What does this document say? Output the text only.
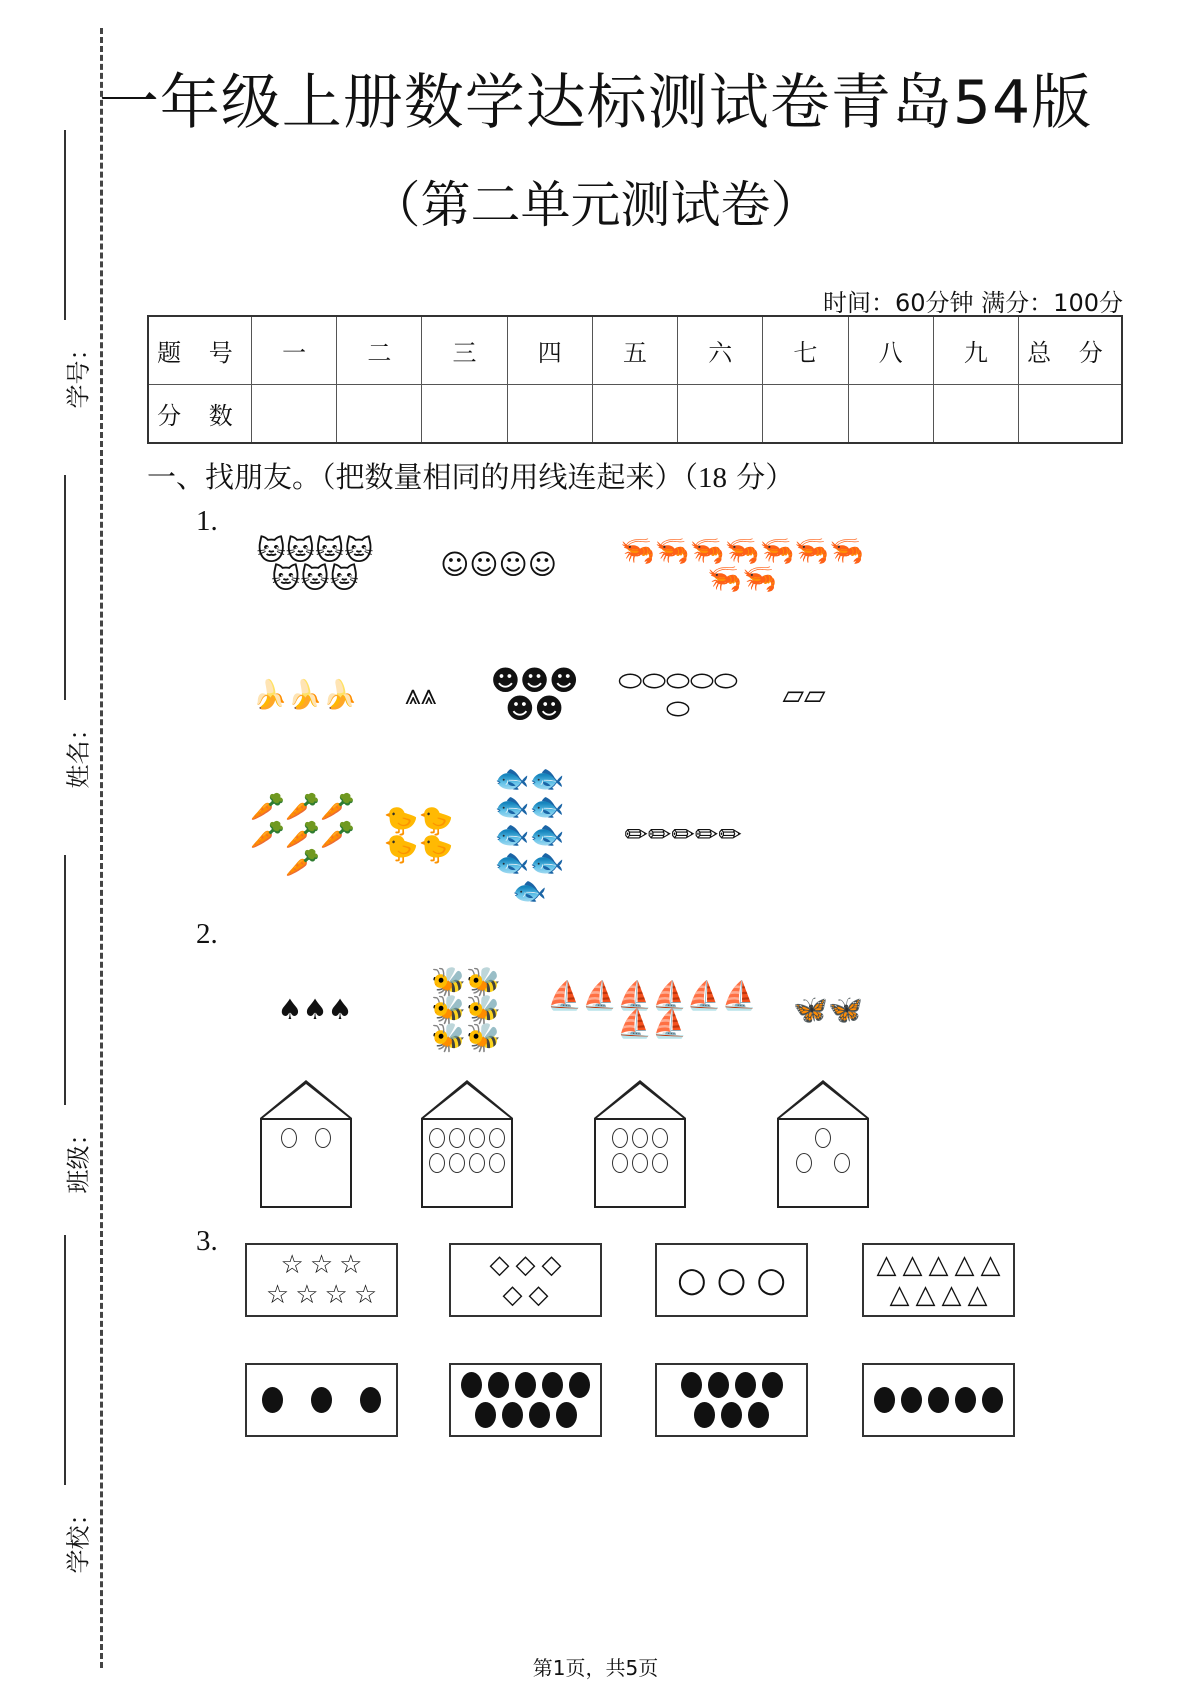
学号：
姓名：
班级：
学校：
一年级上册数学达标测试卷青岛54版
（第二单元测试卷）
时间：60分钟 满分：100分
题 号	一	二	三	四	五	六	七	八	九	总 分
分 数										
一、找朋友。（把数量相同的用线连起来）（18 分）
1.
🐱 🐱 🐱 🐱
🐱 🐱 🐱	☺ ☺ ☺ ☺ 🦐 🦐 🦐 🦐 🦐 🦐 🦐
🦐 🦐
🍌 🍌 🍌 ⩓ ⩓ ☻ ☻ ☻
☻ ☻
⬭ ⬭ ⬭ ⬭ ⬭
⬭	▱ ▱
🥕 🥕 🥕
🥕 🥕 🥕
🥕
🐤 🐤
🐤 🐤
🐟 🐟
🐟 🐟
🐟 🐟
🐟 🐟
🐟
✏ ✏ ✏ ✏ ✏
2.
♠ ♠ ♠
🐝 🐝
🐝 🐝
🐝 🐝
⛵ ⛵ ⛵ ⛵ ⛵ ⛵
⛵ ⛵	🦋 🦋
3.
☆ ☆ ☆
☆ ☆ ☆ ☆
◇ ◇ ◇
◇ ◇	○ ○ ○	△ △ △ △ △
△ △ △ △
第1页，共5页
